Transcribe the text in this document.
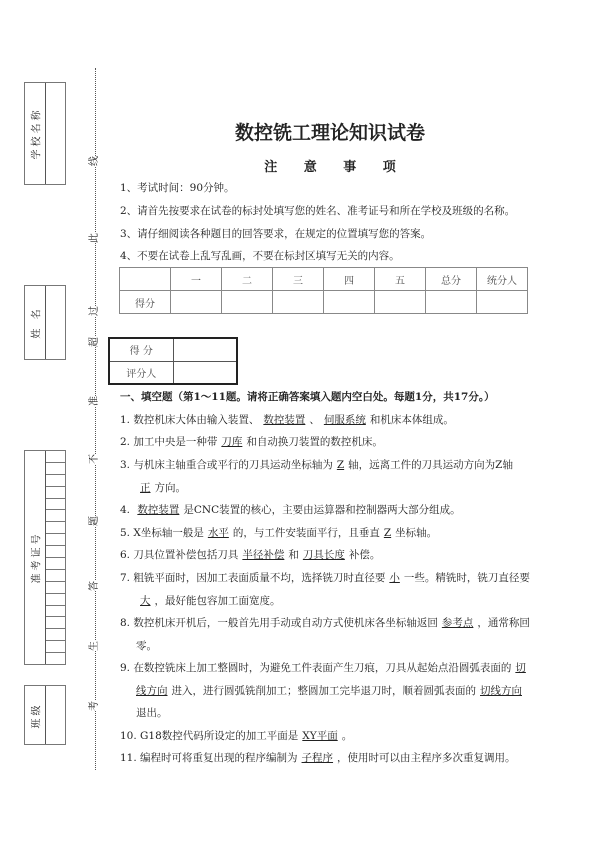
学校名称
姓 名
准考证号
班级
线
此
过
超
准
不
题
答
生
考
数控铣工理论知识试卷
注 意 事 项
1、考试时间：90分钟。
2、请首先按要求在试卷的标封处填写您的姓名、准考证号和所在学校及班级的名称。
3、请仔细阅读各种题目的回答要求，在规定的位置填写您的答案。
4、不要在试卷上乱写乱画，不要在标封区填写无关的内容。
	一	二	三	四	五	总分	统分人
得分							
得 分	
评分人	
一、填空题（第1～11题。请将正确答案填入题内空白处。每题1分，共17分。）
1. 数控机床大体由输入装置、 数控装置 、 伺服系统 和机床本体组成。
2. 加工中央是一种带 刀库 和自动换刀装置的数控机床。
3. 与机床主轴重合或平行的刀具运动坐标轴为 Z 轴，远离工件的刀具运动方向为Z轴正 方向。
4. 数控装置 是CNC装置的核心，主要由运算器和控制器两大部分组成。
5. X坐标轴一般是 水平 的，与工件安装面平行，且垂直 Z 坐标轴。
6. 刀具位置补偿包括刀具 半径补偿 和 刀具长度 补偿。
7. 粗铣平面时，因加工表面质量不均，选择铣刀时直径要 小 一些。精铣时，铣刀直径要大 ，最好能包容加工面宽度。
8. 数控机床开机后，一般首先用手动或自动方式使机床各坐标轴返回 参考点 ，通常称回零。
9. 在数控铣床上加工整圆时，为避免工件表面产生刀痕，刀具从起始点沿圆弧表面的 切线方向 进入，进行圆弧铣削加工；整圆加工完毕退刀时，顺着圆弧表面的 切线方向退出。
10. G18数控代码所设定的加工平面是 XY平面 。
11. 编程时可将重复出现的程序编制为 子程序 ，使用时可以由主程序多次重复调用。
